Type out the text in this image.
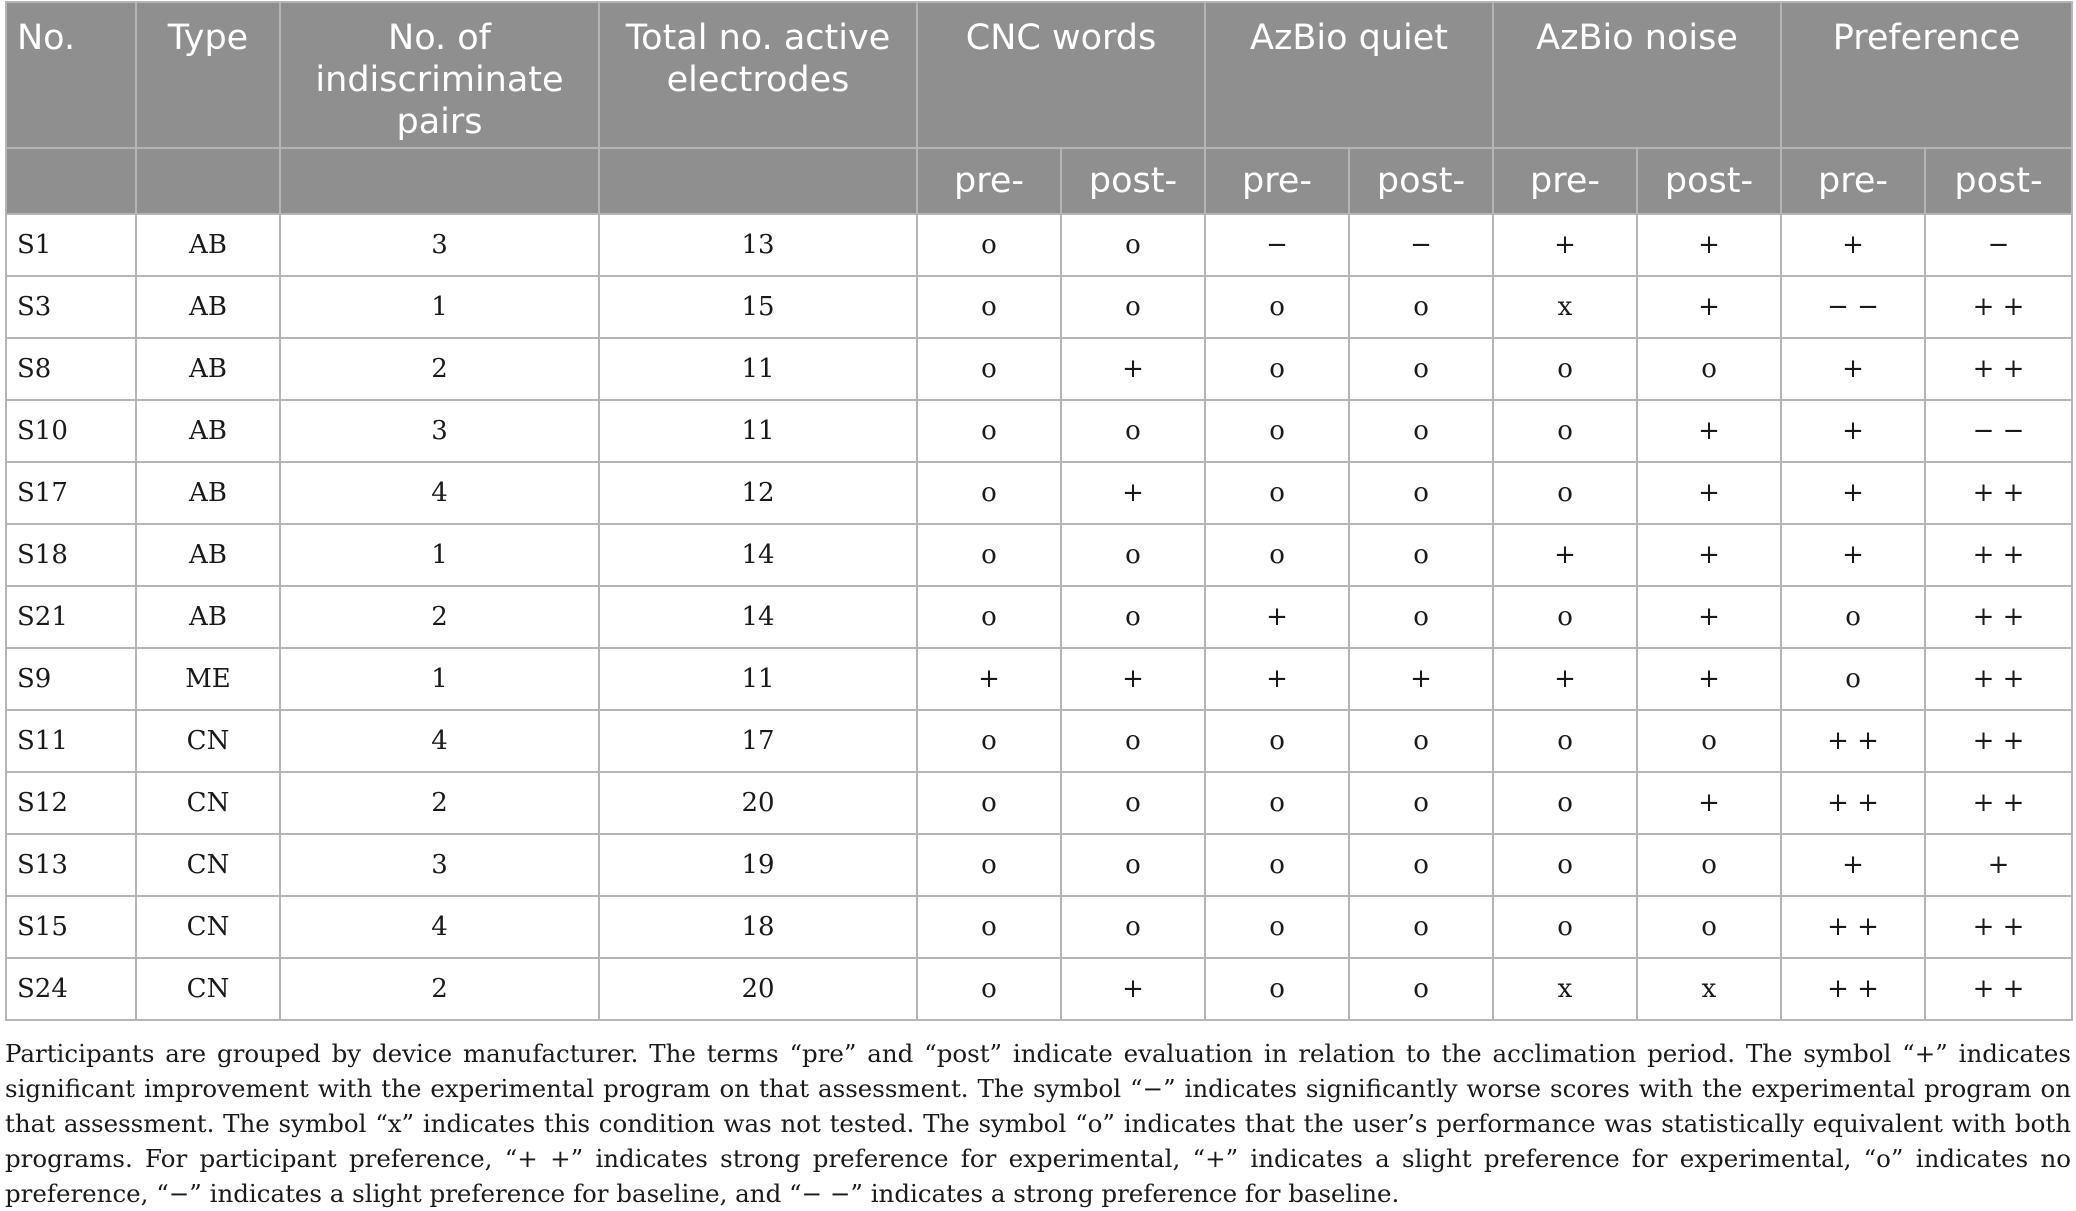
No.	Type	No. of indiscriminate pairs	Total no. active electrodes	CNC words		AzBio quiet		AzBio noise		Preference	
				pre-	post-	pre-	post-	pre-	post-	pre-	post-
S1	AB	3	13	o	o	−	−	+	+	+	−
S3	AB	1	15	o	o	o	o	x	+	− −	+ +
S8	AB	2	11	o	+	o	o	o	o	+	+ +
S10	AB	3	11	o	o	o	o	o	+	+	− −
S17	AB	4	12	o	+	o	o	o	+	+	+ +
S18	AB	1	14	o	o	o	o	+	+	+	+ +
S21	AB	2	14	o	o	+	o	o	+	o	+ +
S9	ME	1	11	+	+	+	+	+	+	o	+ +
S11	CN	4	17	o	o	o	o	o	o	+ +	+ +
S12	CN	2	20	o	o	o	o	o	+	+ +	+ +
S13	CN	3	19	o	o	o	o	o	o	+	+
S15	CN	4	18	o	o	o	o	o	o	+ +	+ +
S24	CN	2	20	o	+	o	o	x	x	+ +	+ +

Participants are grouped by device manufacturer. The terms “pre” and “post” indicate evaluation in relation to the acclimation period. The symbol “+” indicates significant improvement with the experimental program on that assessment. The symbol “−” indicates significantly worse scores with the experimental program on that assessment. The symbol “x” indicates this condition was not tested. The symbol “o” indicates that the user’s performance was statistically equivalent with both programs. For participant preference, “+ +” indicates strong preference for experimental, “+” indicates a slight preference for experimental, “o” indicates no preference, “−” indicates a slight preference for baseline, and “− −” indicates a strong preference for baseline.
